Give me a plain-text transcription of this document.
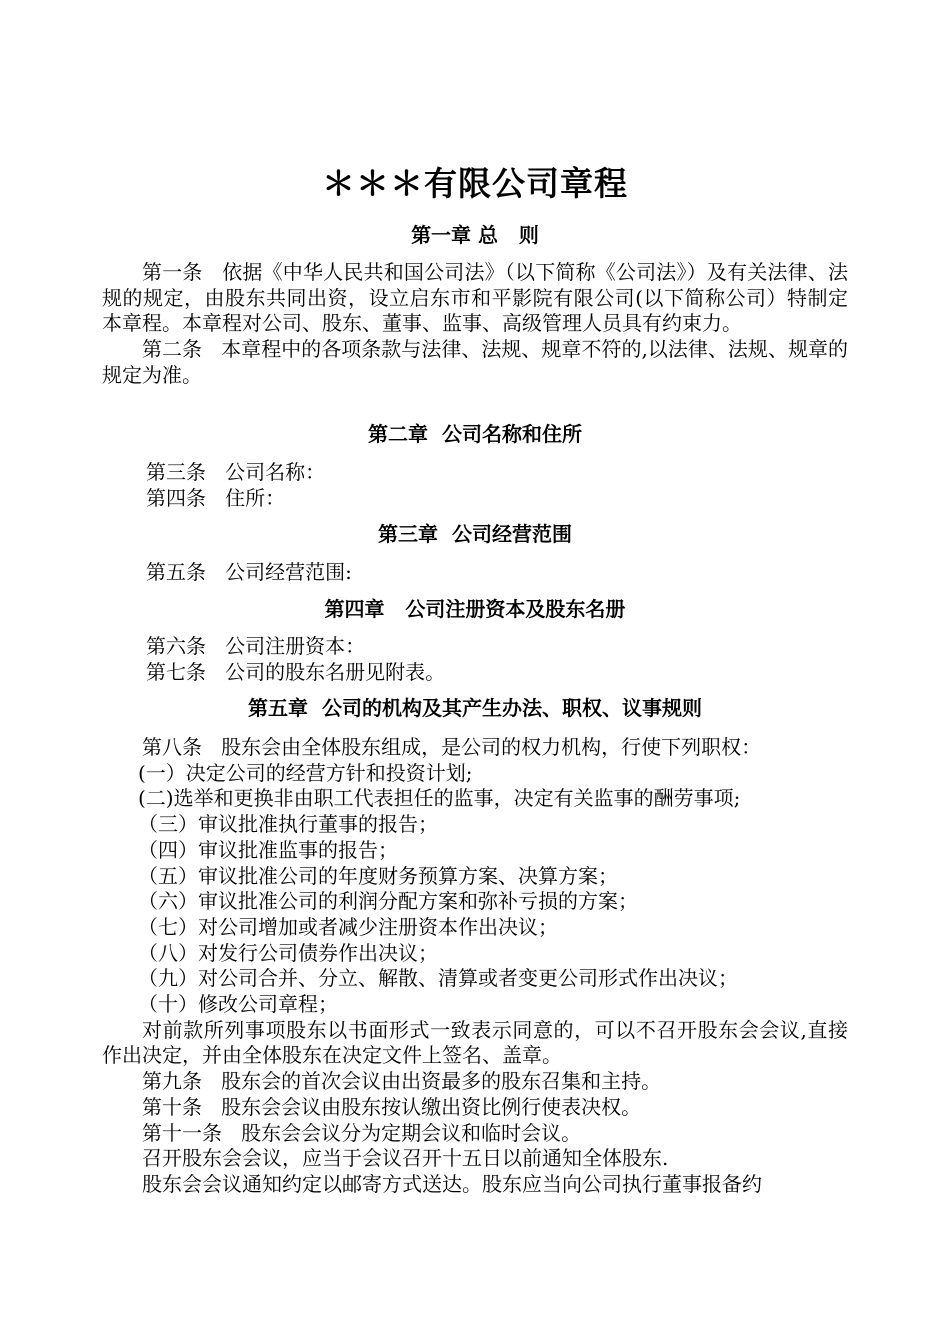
＊＊＊有限公司章程
第一章 总   则

第一条   依据《中华人民共和国公司法》（以下简称《公司法》）及有关法律、法规的规定，由股东共同出资，设立启东市和平影院有限公司(以下简称公司）特制定本章程。本章程对公司、股东、董事、监事、高级管理人员具有约束力。

第二条   本章程中的各项条款与法律、法规、规章不符的,以法律、法规、规章的规定为准。

第二章  公司名称和住所

第三条   公司名称：

第四条   住所：

第三章  公司经营范围

第五条   公司经营范围:

第四章   公司注册资本及股东名册

第六条   公司注册资本：

第七条   公司的股东名册见附表。

第五章  公司的机构及其产生办法、职权、议事规则

第八条   股东会由全体股东组成，是公司的权力机构，行使下列职权：

(一）决定公司的经营方针和投资计划;

(二)选举和更换非由职工代表担任的监事，决定有关监事的酬劳事项;

（三）审议批准执行董事的报告；

（四）审议批准监事的报告；

（五）审议批准公司的年度财务预算方案、决算方案；

（六）审议批准公司的利润分配方案和弥补亏损的方案；

（七）对公司增加或者减少注册资本作出决议；

（八）对发行公司债券作出决议；

（九）对公司合并、分立、解散、清算或者变更公司形式作出决议；

（十）修改公司章程；

对前款所列事项股东以书面形式一致表示同意的，可以不召开股东会会议,直接作出决定，并由全体股东在决定文件上签名、盖章。

第九条   股东会的首次会议由出资最多的股东召集和主持。

第十条   股东会会议由股东按认缴出资比例行使表决权。

第十一条   股东会会议分为定期会议和临时会议。

召开股东会会议，应当于会议召开十五日以前通知全体股东.

股东会会议通知约定以邮寄方式送达。股东应当向公司执行董事报备约
